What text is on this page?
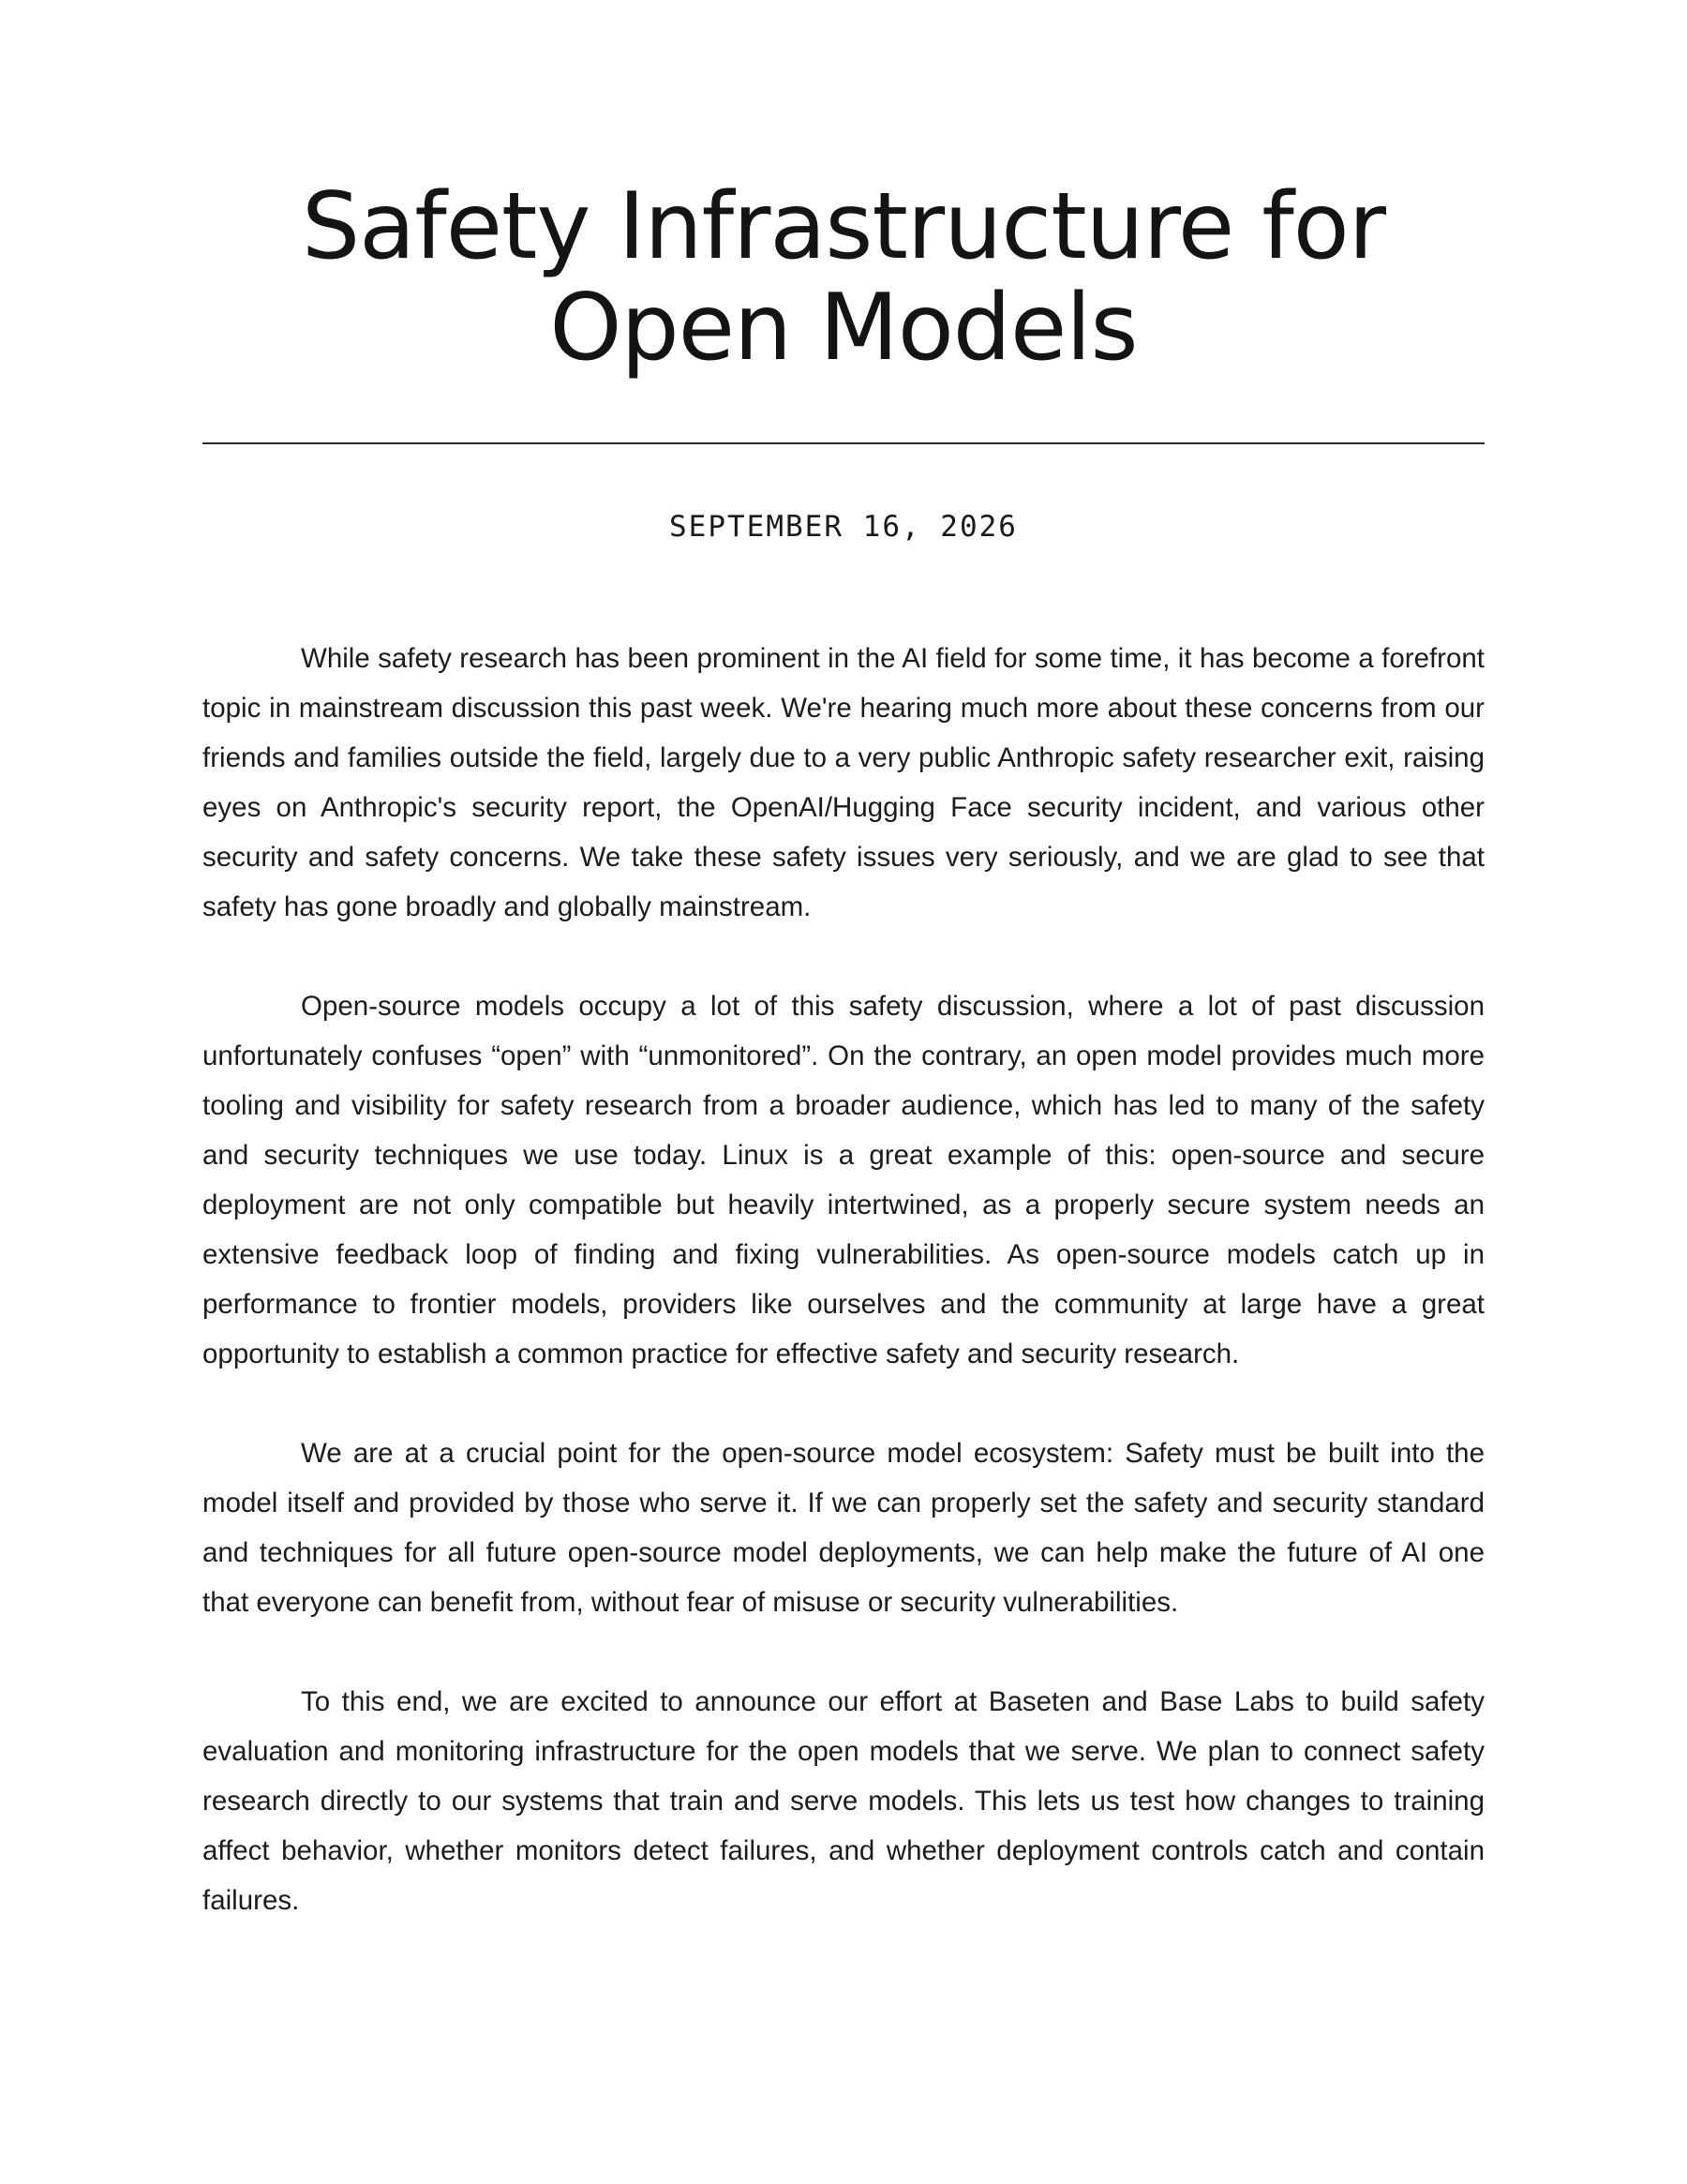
Safety Infrastructure for Open Models
SEPTEMBER 16, 2026

While safety research has been prominent in the AI field for some time, it has become a forefront topic in mainstream discussion this past week. We're hearing much more about these concerns from our friends and families outside the field, largely due to a very public Anthropic safety researcher exit, raising eyes on Anthropic's security report, the OpenAI/Hugging Face security incident, and various other security and safety concerns. We take these safety issues very seriously, and we are glad to see that safety has gone broadly and globally mainstream.

Open-source models occupy a lot of this safety discussion, where a lot of past discussion unfortunately confuses “open” with “unmonitored”. On the contrary, an open model provides much more tooling and visibility for safety research from a broader audience, which has led to many of the safety and security techniques we use today. Linux is a great example of this: open-source and secure deployment are not only compatible but heavily intertwined, as a properly secure system needs an extensive feedback loop of finding and fixing vulnerabilities. As open-source models catch up in performance to frontier models, providers like ourselves and the community at large have a great opportunity to establish a common practice for effective safety and security research.

We are at a crucial point for the open-source model ecosystem: Safety must be built into the model itself and provided by those who serve it. If we can properly set the safety and security standard and techniques for all future open-source model deployments, we can help make the future of AI one that everyone can benefit from, without fear of misuse or security vulnerabilities.

To this end, we are excited to announce our effort at Baseten and Base Labs to build safety evaluation and monitoring infrastructure for the open models that we serve. We plan to connect safety research directly to our systems that train and serve models. This lets us test how changes to training affect behavior, whether monitors detect failures, and whether deployment controls catch and contain failures.
